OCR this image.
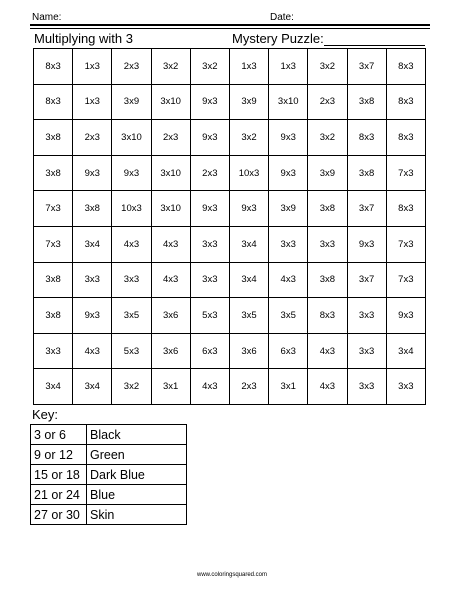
Name:	Date:
Multiplying with 3	Mystery Puzzle:
8x3	1x3	2x3	3x2	3x2	1x3	1x3	3x2	3x7	8x3
8x3	1x3	3x9	3x10	9x3	3x9	3x10	2x3	3x8	8x3
3x8	2x3	3x10	2x3	9x3	3x2	9x3	3x2	8x3	8x3
3x8	9x3	9x3	3x10	2x3	10x3	9x3	3x9	3x8	7x3
7x3	3x8	10x3	3x10	9x3	9x3	3x9	3x8	3x7	8x3
7x3	3x4	4x3	4x3	3x3	3x4	3x3	3x3	9x3	7x3
3x8	3x3	3x3	4x3	3x3	3x4	4x3	3x8	3x7	7x3
3x8	9x3	3x5	3x6	5x3	3x5	3x5	8x3	3x3	9x3
3x3	4x3	5x3	3x6	6x3	3x6	6x3	4x3	3x3	3x4
3x4	3x4	3x2	3x1	4x3	2x3	3x1	4x3	3x3	3x3
Key:
3 or 6	Black
9 or 12	Green
15 or 18	Dark Blue
21 or 24	Blue
27 or 30	Skin
www.coloringsquared.com
